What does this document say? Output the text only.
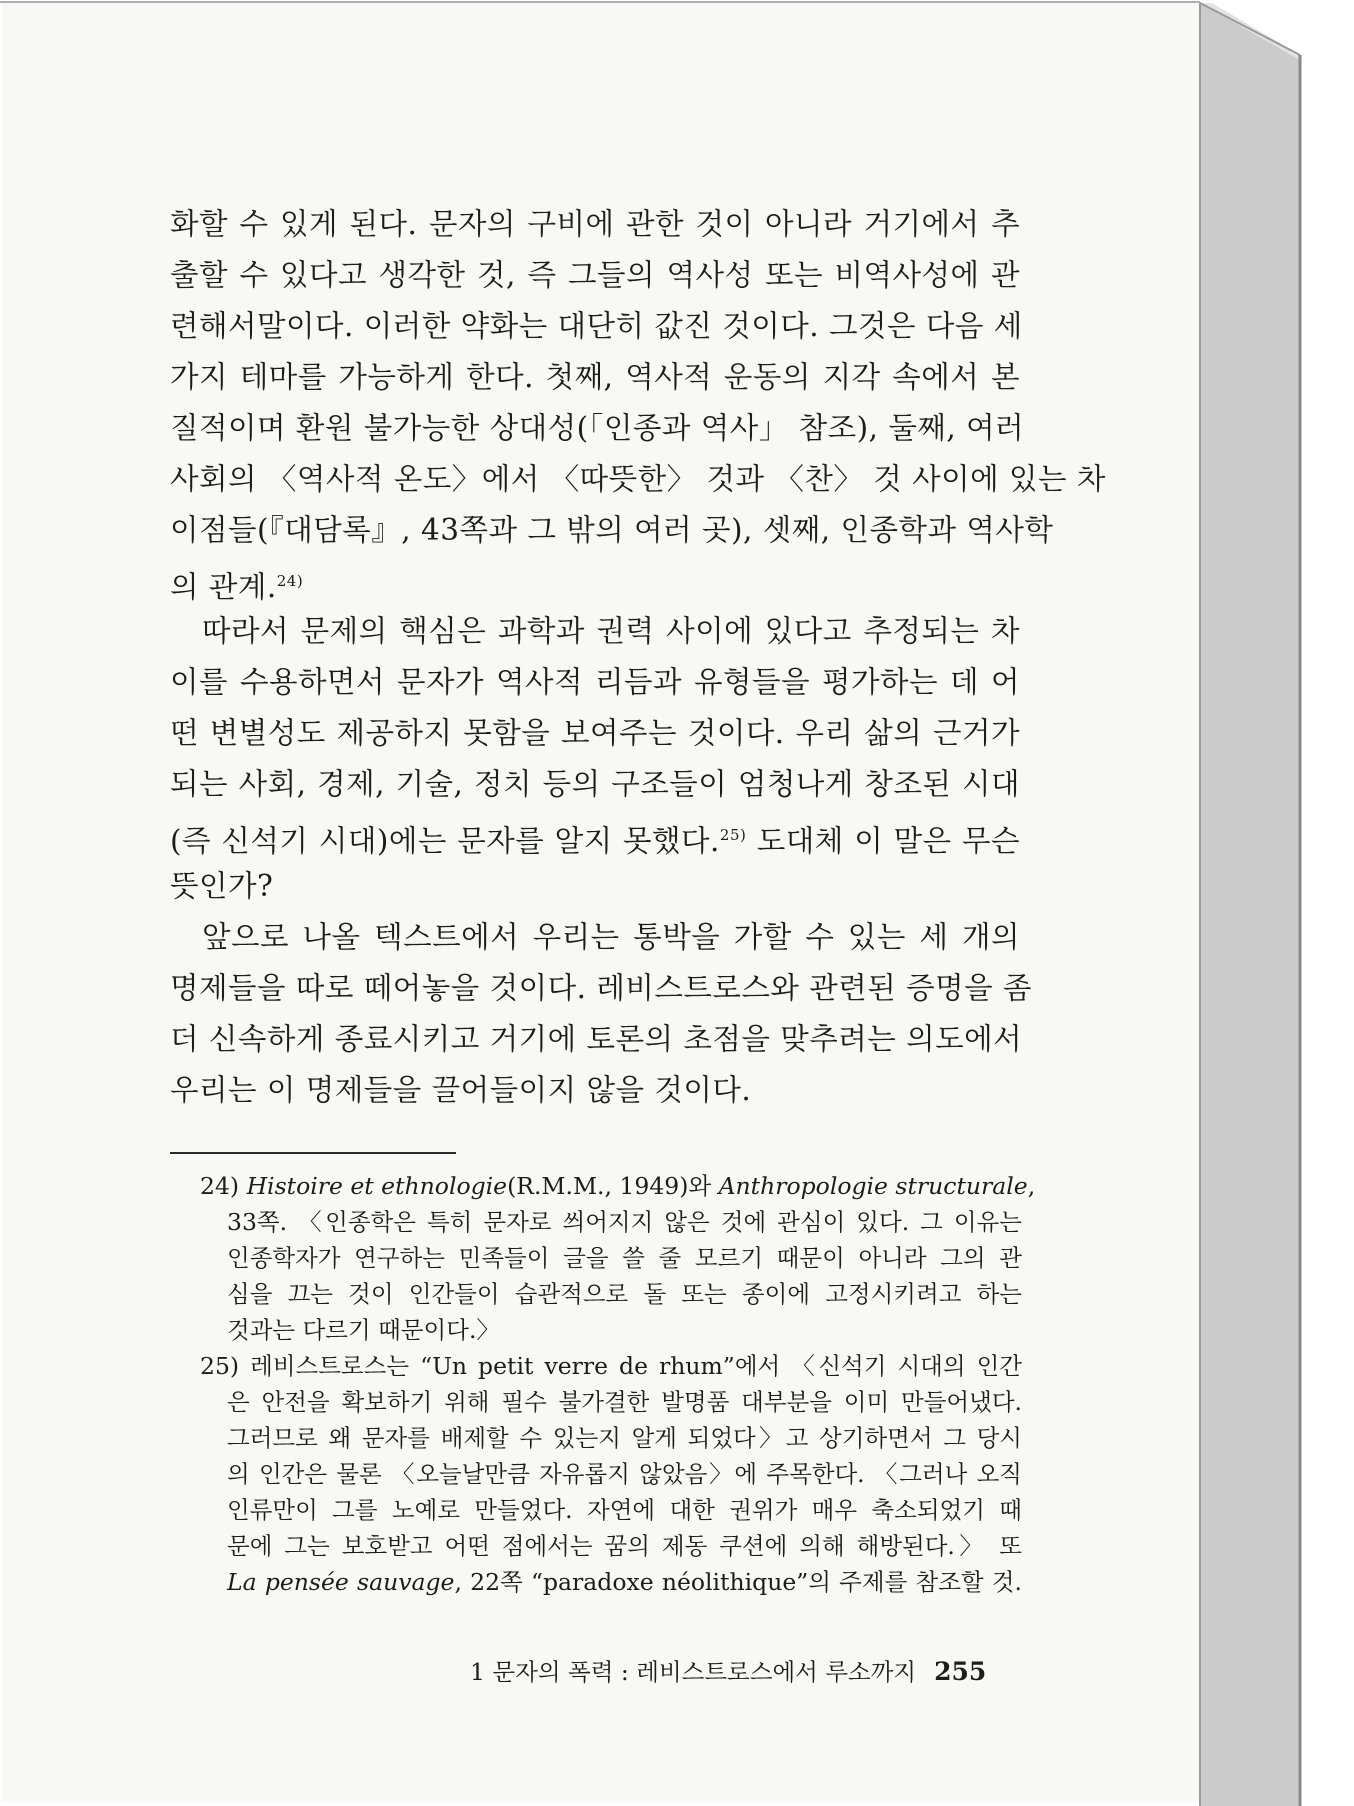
화할 수 있게 된다. 문자의 구비에 관한 것이 아니라 거기에서 추
출할 수 있다고 생각한 것, 즉 그들의 역사성 또는 비역사성에 관
련해서말이다. 이러한 약화는 대단히 값진 것이다. 그것은 다음 세
가지 테마를 가능하게 한다. 첫째, 역사적 운동의 지각 속에서 본
질적이며 환원 불가능한 상대성(「인종과 역사」 참조), 둘째, 여러
사회의 〈역사적 온도〉에서 〈따뜻한〉 것과 〈찬〉 것 사이에 있는 차
이점들(『대담록』, 43쪽과 그 밖의 여러 곳), 셋째, 인종학과 역사학
의 관계.$^{24)}$
따라서 문제의 핵심은 과학과 권력 사이에 있다고 추정되는 차
이를 수용하면서 문자가 역사적 리듬과 유형들을 평가하는 데 어
떤 변별성도 제공하지 못함을 보여주는 것이다. 우리 삶의 근거가
되는 사회, 경제, 기술, 정치 등의 구조들이 엄청나게 창조된 시대
(즉 신석기 시대)에는 문자를 알지 못했다.$^{25)}$ 도대체 이 말은 무슨
뜻인가?
앞으로 나올 텍스트에서 우리는 통박을 가할 수 있는 세 개의
명제들을 따로 떼어놓을 것이다. 레비스트로스와 관련된 증명을 좀
더 신속하게 종료시키고 거기에 토론의 초점을 맞추려는 의도에서
우리는 이 명제들을 끌어들이지 않을 것이다.
24) Histoire et ethnologie(R.M.M., 1949)와 Anthropologie structurale,
33쪽. 〈인종학은 특히 문자로 씌어지지 않은 것에 관심이 있다. 그 이유는
인종학자가 연구하는 민족들이 글을 쓸 줄 모르기 때문이 아니라 그의 관
심을 끄는 것이 인간들이 습관적으로 돌 또는 종이에 고정시키려고 하는
것과는 다르기 때문이다.〉
25) 레비스트로스는 “Un petit verre de rhum”에서 〈신석기 시대의 인간
은 안전을 확보하기 위해 필수 불가결한 발명품 대부분을 이미 만들어냈다.
그러므로 왜 문자를 배제할 수 있는지 알게 되었다〉고 상기하면서 그 당시
의 인간은 물론 〈오늘날만큼 자유롭지 않았음〉에 주목한다. 〈그러나 오직
인류만이 그를 노예로 만들었다. 자연에 대한 권위가 매우 축소되었기 때
문에 그는 보호받고 어떤 점에서는 꿈의 제동 쿠션에 의해 해방된다.〉 또
La pensée sauvage, 22쪽 “paradoxe néolithique”의 주제를 참조할 것.
1 문자의 폭력 : 레비스트로스에서 루소까지 255
